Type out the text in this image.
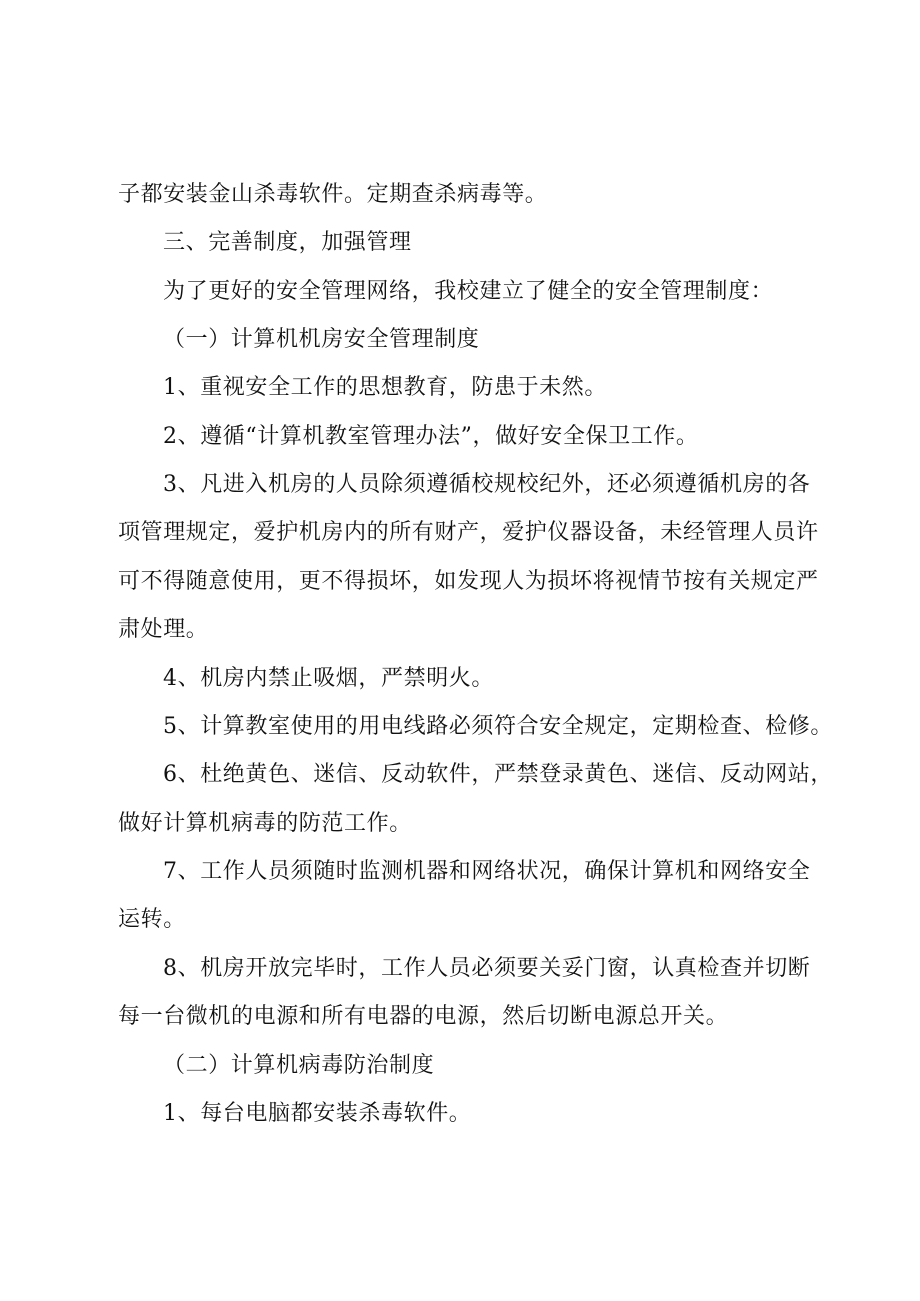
子都安装金山杀毒软件。定期查杀病毒等。
三、完善制度，加强管理
为了更好的安全管理网络，我校建立了健全的安全管理制度：
（一）计算机机房安全管理制度
1、重视安全工作的思想教育，防患于未然。
2、遵循“计算机教室管理办法”，做好安全保卫工作。
3、凡进入机房的人员除须遵循校规校纪外，还必须遵循机房的各
项管理规定，爱护机房内的所有财产，爱护仪器设备，未经管理人员许
可不得随意使用，更不得损坏，如发现人为损坏将视情节按有关规定严
肃处理。
4、机房内禁止吸烟，严禁明火。
5、计算教室使用的用电线路必须符合安全规定，定期检查、检修。
6、杜绝黄色、迷信、反动软件，严禁登录黄色、迷信、反动网站，
做好计算机病毒的防范工作。
7、工作人员须随时监测机器和网络状况，确保计算机和网络安全
运转。
8、机房开放完毕时，工作人员必须要关妥门窗，认真检查并切断
每一台微机的电源和所有电器的电源，然后切断电源总开关。
（二）计算机病毒防治制度
1、每台电脑都安装杀毒软件。
